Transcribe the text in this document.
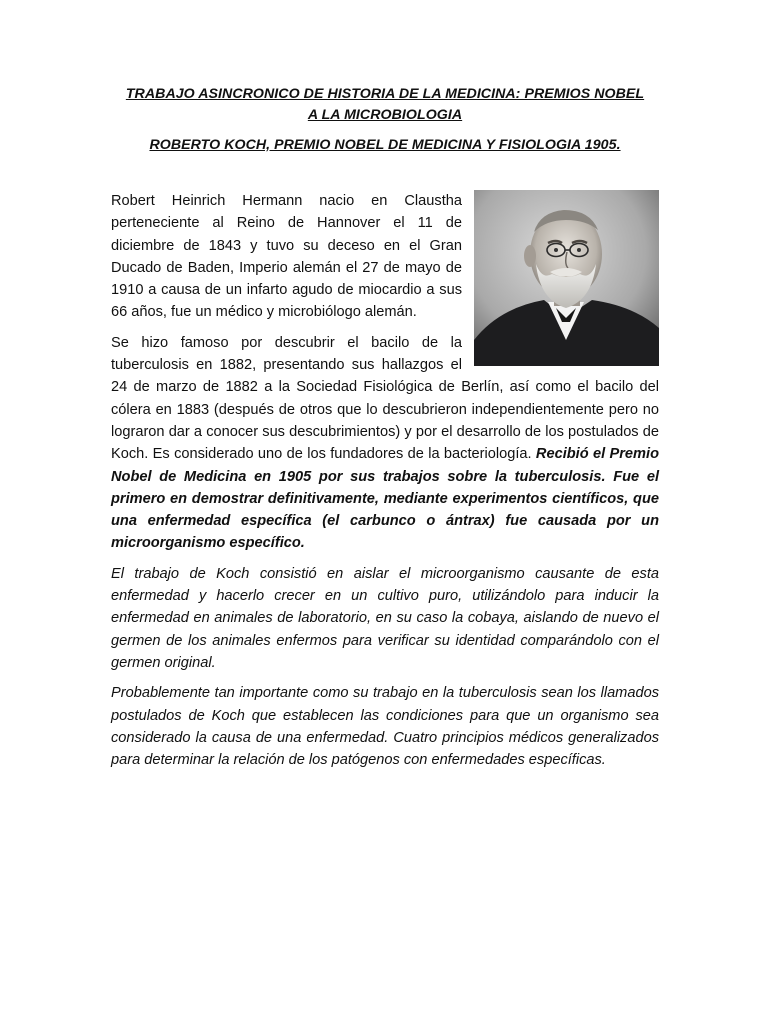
TRABAJO ASINCRONICO DE HISTORIA DE LA MEDICINA: PREMIOS NOBEL
A LA MICROBIOLOGIA

ROBERTO KOCH, PREMIO NOBEL DE MEDICINA Y FISIOLOGIA 1905.

Robert Heinrich Hermann nacio en Claustha perteneciente al Reino de Hannover el 11 de diciembre de 1843 y tuvo su deceso en el Gran Ducado de Baden, Imperio alemán el 27 de mayo de 1910 a causa de un infarto agudo de miocardio a sus 66 años, fue un médico y microbiólogo alemán.

Se hizo famoso por descubrir el bacilo de la tuberculosis en 1882, presentando sus hallazgos el 24 de marzo de 1882 a la Sociedad Fisiológica de Berlín, así como el bacilo del cólera en 1883 (después de otros que lo descubrieron independientemente pero no lograron dar a conocer sus descubrimientos) y por el desarrollo de los postulados de Koch. Es considerado uno de los fundadores de la bacteriología. Recibió el Premio Nobel de Medicina en 1905 por sus trabajos sobre la tuberculosis. Fue el primero en demostrar definitivamente, mediante experimentos científicos, que una enfermedad específica (el carbunco o ántrax) fue causada por un microorganismo específico.

El trabajo de Koch consistió en aislar el microorganismo causante de esta enfermedad y hacerlo crecer en un cultivo puro, utilizándolo para inducir la enfermedad en animales de laboratorio, en su caso la cobaya, aislando de nuevo el germen de los animales enfermos para verificar su identidad comparándolo con el germen original.

Probablemente tan importante como su trabajo en la tuberculosis sean los llamados postulados de Koch que establecen las condiciones para que un organismo sea considerado la causa de una enfermedad. Cuatro principios médicos generalizados para determinar la relación de los patógenos con enfermedades específicas.
